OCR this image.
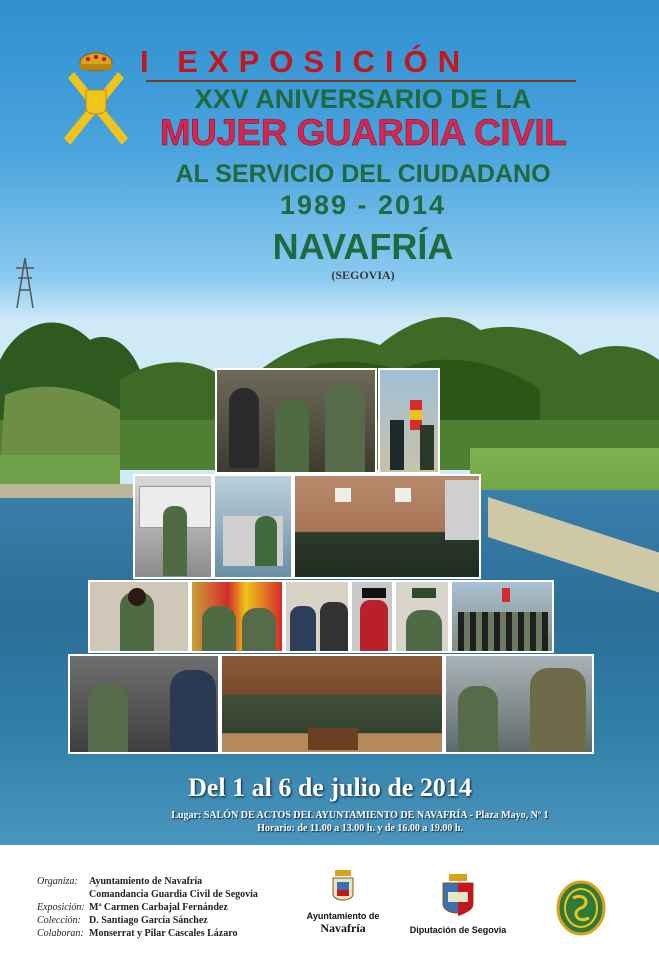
I EXPOSICIÓN
XXV ANIVERSARIO DE LA
MUJER GUARDIA CIVIL
AL SERVICIO DEL CIUDADANO
1989 - 2014
NAVAFRÍA
(SEGOVIA)
Del 1 al 6 de julio de 2014
Lugar: SALÓN DE ACTOS DEL AYUNTAMIENTO DE NAVAFRÍA - Plaza Mayo, Nº 1
Horario: de 11.00 a 13.00 h. y de 16.00 a 19.00 h.
Organiza:	Ayuntamiento de Navafría
Comandancia Guardia Civil de Segovia
Exposición: Mª Carmen Carbajal Fernández
Colección: D. Santiago García Sánchez
Colaboran: Monserrat y Pilar Cascales Lázaro
Ayuntamiento de
Navafría	Diputación de Segovia
